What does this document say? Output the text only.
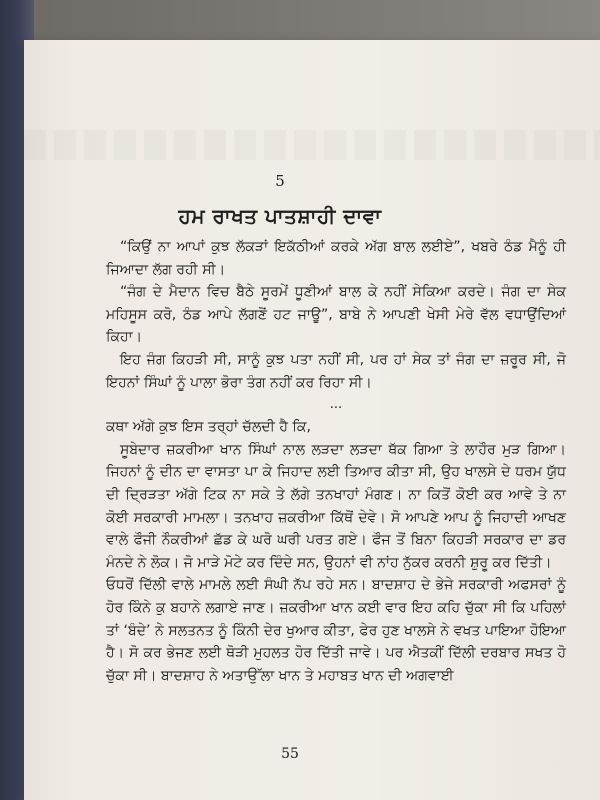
5
ਹਮ ਰਾਖਤ ਪਾਤਸ਼ਾਹੀ ਦਾਵਾ

“ਕਿਉਂ ਨਾ ਆਪਾਂ ਕੁਝ ਲੱਕੜਾਂ ਇਕੱਠੀਆਂ ਕਰਕੇ ਅੱਗ ਬਾਲ ਲਈਏ”, ਖਬਰੇ ਠੰਡ ਮੈਨੂੰ ਹੀ ਜਿਆਦਾ ਲੱਗ ਰਹੀ ਸੀ।

“ਜੰਗ ਦੇ ਮੈਦਾਨ ਵਿਚ ਬੈਠੇ ਸੂਰਮੇਂ ਧੂਣੀਆਂ ਬਾਲ ਕੇ ਨਹੀਂ ਸੇਕਿਆ ਕਰਦੇ। ਜੰਗ ਦਾ ਸੇਕ ਮਹਿਸੂਸ ਕਰੋ, ਠੰਡ ਆਪੇ ਲੱਗਣੋਂ ਹਟ ਜਾਊ”, ਬਾਬੇ ਨੇ ਆਪਣੀ ਖੇਸੀ ਮੇਰੇ ਵੱਲ ਵਧਾਉਂਦਿਆਂ ਕਿਹਾ।

ਇਹ ਜੰਗ ਕਿਹੜੀ ਸੀ, ਸਾਨੂੰ ਕੁਝ ਪਤਾ ਨਹੀਂ ਸੀ, ਪਰ ਹਾਂ ਸੇਕ ਤਾਂ ਜੰਗ ਦਾ ਜ਼ਰੂਰ ਸੀ, ਜੋ ਇਹਨਾਂ ਸਿੰਘਾਂ ਨੂੰ ਪਾਲਾ ਭੋਰਾ ਤੰਗ ਨਹੀਂ ਕਰ ਰਿਹਾ ਸੀ।

...

ਕਥਾ ਅੱਗੇ ਕੁਝ ਇਸ ਤਰ੍ਹਾਂ ਚੱਲਦੀ ਹੈ ਕਿ,

ਸੂਬੇਦਾਰ ਜ਼ਕਰੀਆ ਖਾਨ ਸਿੰਘਾਂ ਨਾਲ ਲੜਦਾ ਲੜਦਾ ਥੱਕ ਗਿਆ ਤੇ ਲਾਹੌਰ ਮੁੜ ਗਿਆ। ਜਿਹਨਾਂ ਨੂੰ ਦੀਨ ਦਾ ਵਾਸਤਾ ਪਾ ਕੇ ਜਿਹਾਦ ਲਈ ਤਿਆਰ ਕੀਤਾ ਸੀ, ਉਹ ਖਾਲਸੇ ਦੇ ਧਰਮ ਯੁੱਧ ਦੀ ਦ੍ਰਿੜਤਾ ਅੱਗੇ ਟਿਕ ਨਾ ਸਕੇ ਤੇ ਲੱਗੇ ਤਨਖਾਹਾਂ ਮੰਗਣ। ਨਾ ਕਿਤੋਂ ਕੋਈ ਕਰ ਆਵੇ ਤੇ ਨਾ ਕੋਈ ਸਰਕਾਰੀ ਮਾਮਲਾ। ਤਨਖਾਹ ਜ਼ਕਰੀਆ ਕਿੱਥੋਂ ਦੇਵੇ। ਸੋ ਆਪਣੇ ਆਪ ਨੂੰ ਜਿਹਾਦੀ ਆਖਣ ਵਾਲੇ ਫੌਜੀ ਨੌਕਰੀਆਂ ਛੱਡ ਕੇ ਘਰੋ ਘਰੀ ਪਰਤ ਗਏ। ਫੌਜ ਤੋਂ ਬਿਨਾ ਕਿਹੜੀ ਸਰਕਾਰ ਦਾ ਡਰ ਮੰਨਦੇ ਨੇ ਲੋਕ। ਜੋ ਮਾੜੇ ਮੋਟੇ ਕਰ ਦਿੰਦੇ ਸਨ, ਉਹਨਾਂ ਵੀ ਨਾਂਹ ਨੁੱਕਰ ਕਰਨੀ ਸ਼ੁਰੂ ਕਰ ਦਿੱਤੀ।

ਓਧਰੋਂ ਦਿੱਲੀ ਵਾਲੇ ਮਾਮਲੇ ਲਈ ਸੰਘੀ ਨੱਪ ਰਹੇ ਸਨ। ਬਾਦਸ਼ਾਹ ਦੇ ਭੇਜੇ ਸਰਕਾਰੀ ਅਫਸਰਾਂ ਨੂੰ ਹੋਰ ਕਿੰਨੇ ਕੁ ਬਹਾਨੇ ਲਗਾਏ ਜਾਣ। ਜ਼ਕਰੀਆ ਖਾਨ ਕਈ ਵਾਰ ਇਹ ਕਹਿ ਚੁੱਕਾ ਸੀ ਕਿ ਪਹਿਲਾਂ ਤਾਂ ‘ਬੰਦੇ’ ਨੇ ਸਲਤਨਤ ਨੂੰ ਕਿੰਨੀ ਦੇਰ ਖੁਆਰ ਕੀਤਾ, ਫੇਰ ਹੁਣ ਖਾਲਸੇ ਨੇ ਵਖਤ ਪਾਇਆ ਹੋਇਆ ਹੈ। ਸੋ ਕਰ ਭੇਜਣ ਲਈ ਥੋੜੀ ਮੁਹਲਤ ਹੋਰ ਦਿੱਤੀ ਜਾਵੇ। ਪਰ ਐਤਕੀਂ ਦਿੱਲੀ ਦਰਬਾਰ ਸਖਤ ਹੋ ਚੁੱਕਾ ਸੀ। ਬਾਦਸ਼ਾਹ ਨੇ ਅਤਾਉੱਲਾ ਖਾਨ ਤੇ ਮਹਾਬਤ ਖਾਨ ਦੀ ਅਗਵਾਈ

55
